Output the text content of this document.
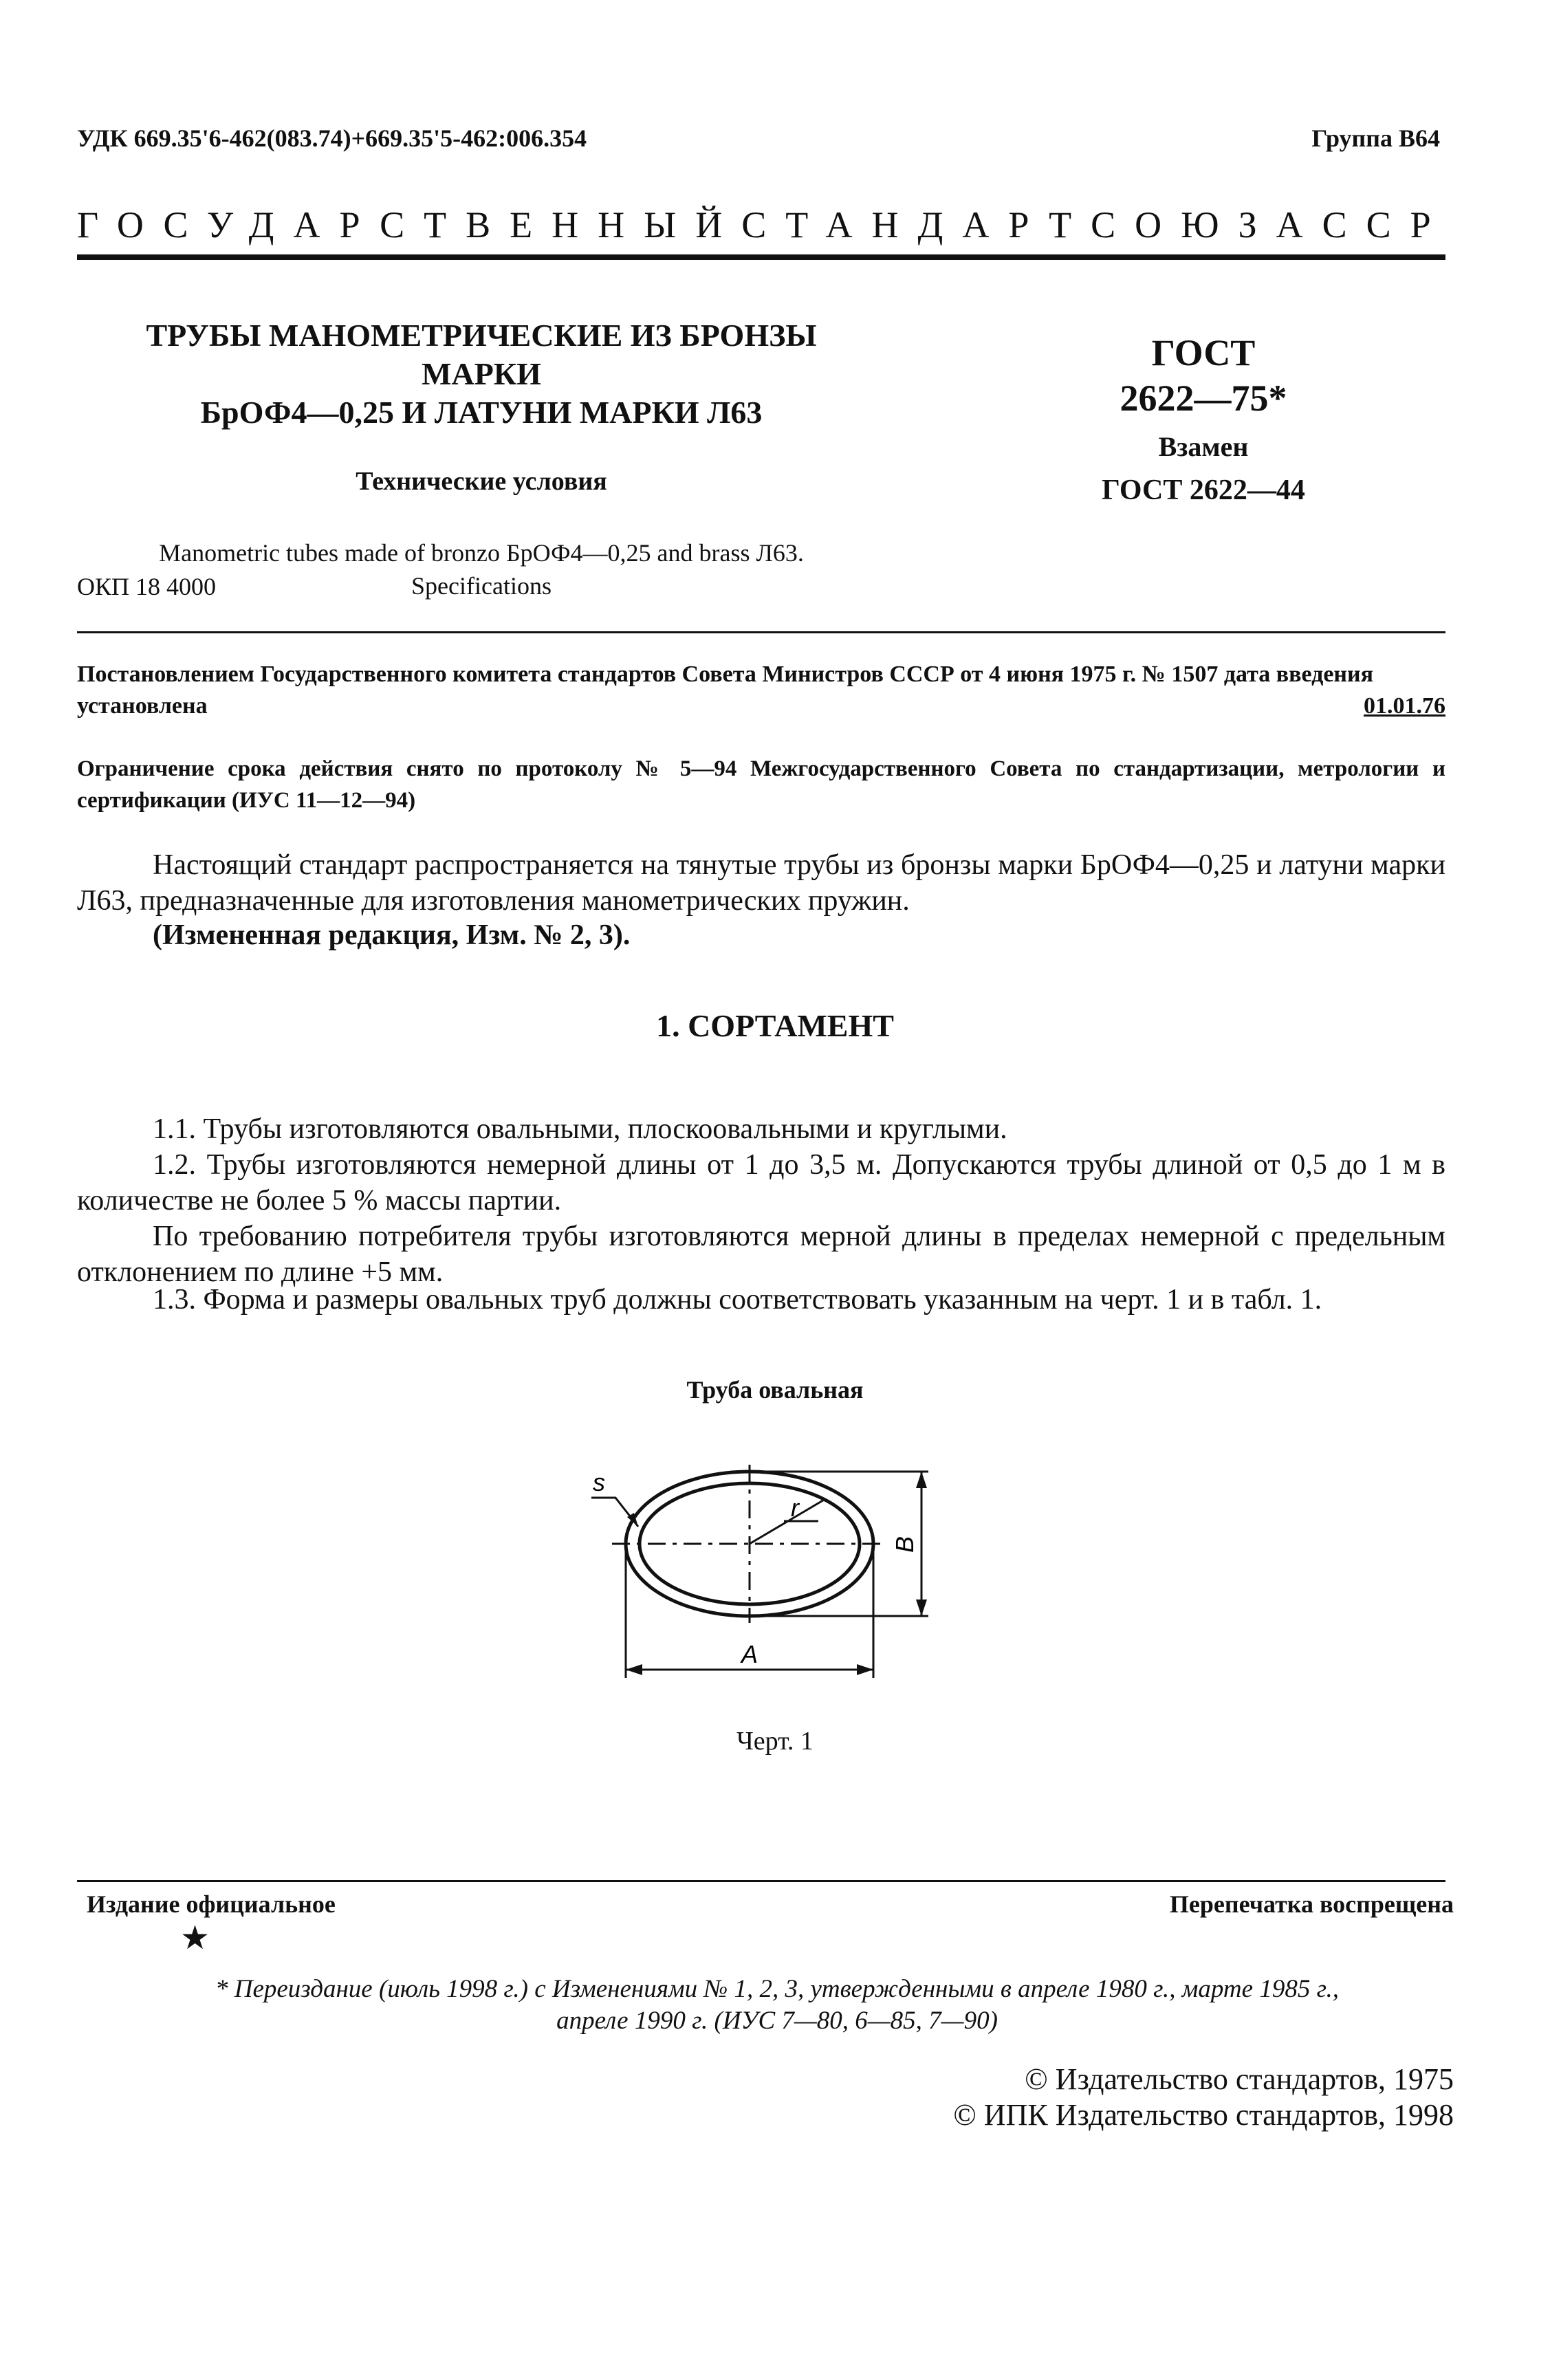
УДК 669.35'6-462(083.74)+669.35'5-462:006.354	Группа В64
ГОСУДАРСТВЕННЫЙ СТАНДАРТ СОЮЗА ССР
ТРУБЫ МАНОМЕТРИЧЕСКИЕ ИЗ БРОНЗЫ МАРКИ
БрОФ4—0,25 И ЛАТУНИ МАРКИ Л63
Технические условия
Manometric tubes made of bronzo БрОФ4—0,25 and brass Л63.
Specifications
ГОСТ
2622—75*
Взамен
ГОСТ 2622—44
ОКП 18 4000
Постановлением Государственного комитета стандартов Совета Министров СССР от 4 июня 1975 г. № 1507 дата введения установлена	01.01.76
Ограничение срока действия снято по протоколу № 5—94 Межгосударственного Совета по стандартизации, метрологии и сертификации (ИУС 11—12—94)
Настоящий стандарт распространяется на тянутые трубы из бронзы марки БрОФ4—0,25 и латуни марки Л63, предназначенные для изготовления манометрических пружин.
(Измененная редакция, Изм. № 2, 3).
1. СОРТАМЕНТ
1.1. Трубы изготовляются овальными, плоскоовальными и круглыми.
1.2. Трубы изготовляются немерной длины от 1 до 3,5 м. Допускаются трубы длиной от 0,5 до 1 м в количестве не более 5 % массы партии.
По требованию потребителя трубы изготовляются мерной длины в пределах немерной с предельным отклонением по длине +5 мм.
1.3. Форма и размеры овальных труб должны соответствовать указанным на черт. 1 и в табл. 1.
Труба овальная
s
r
A
B
Черт. 1
Издание официальное	Перепечатка воспрещена
★
* Переиздание (июль 1998 г.) с Изменениями № 1, 2, 3, утвержденными в апреле 1980 г., марте 1985 г.,
апреле 1990 г. (ИУС 7—80, 6—85, 7—90)
© Издательство стандартов, 1975
© ИПК Издательство стандартов, 1998
